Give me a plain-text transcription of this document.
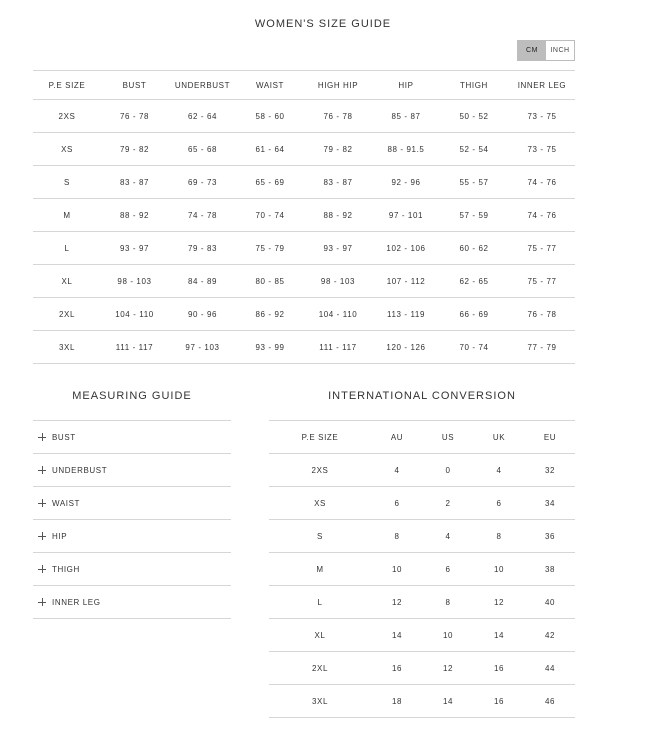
WOMEN'S SIZE GUIDE
CM	INCH
P.E SIZE	BUST	UNDERBUST	WAIST	HIGH HIP	HIP	THIGH	INNER LEG
2XS	76 - 78	62 - 64	58 - 60	76 - 78	85 - 87	50 - 52	73 - 75
XS	79 - 82	65 - 68	61 - 64	79 - 82	88 - 91.5	52 - 54	73 - 75
S	83 - 87	69 - 73	65 - 69	83 - 87	92 - 96	55 - 57	74 - 76
M	88 - 92	74 - 78	70 - 74	88 - 92	97 - 101	57 - 59	74 - 76
L	93 - 97	79 - 83	75 - 79	93 - 97	102 - 106	60 - 62	75 - 77
XL	98 - 103	84 - 89	80 - 85	98 - 103	107 - 112	62 - 65	75 - 77
2XL	104 - 110	90 - 96	86 - 92	104 - 110	113 - 119	66 - 69	76 - 78
3XL	111 - 117	97 - 103	93 - 99	111 - 117	120 - 126	70 - 74	77 - 79
MEASURING GUIDE	INTERNATIONAL CONVERSION
BUST
UNDERBUST
WAIST
HIP
THIGH
INNER LEG
P.E SIZE	AU	US	UK	EU
2XS	4	0	4	32
XS	6	2	6	34
S	8	4	8	36
M	10	6	10	38
L	12	8	12	40
XL	14	10	14	42
2XL	16	12	16	44
3XL	18	14	16	46
